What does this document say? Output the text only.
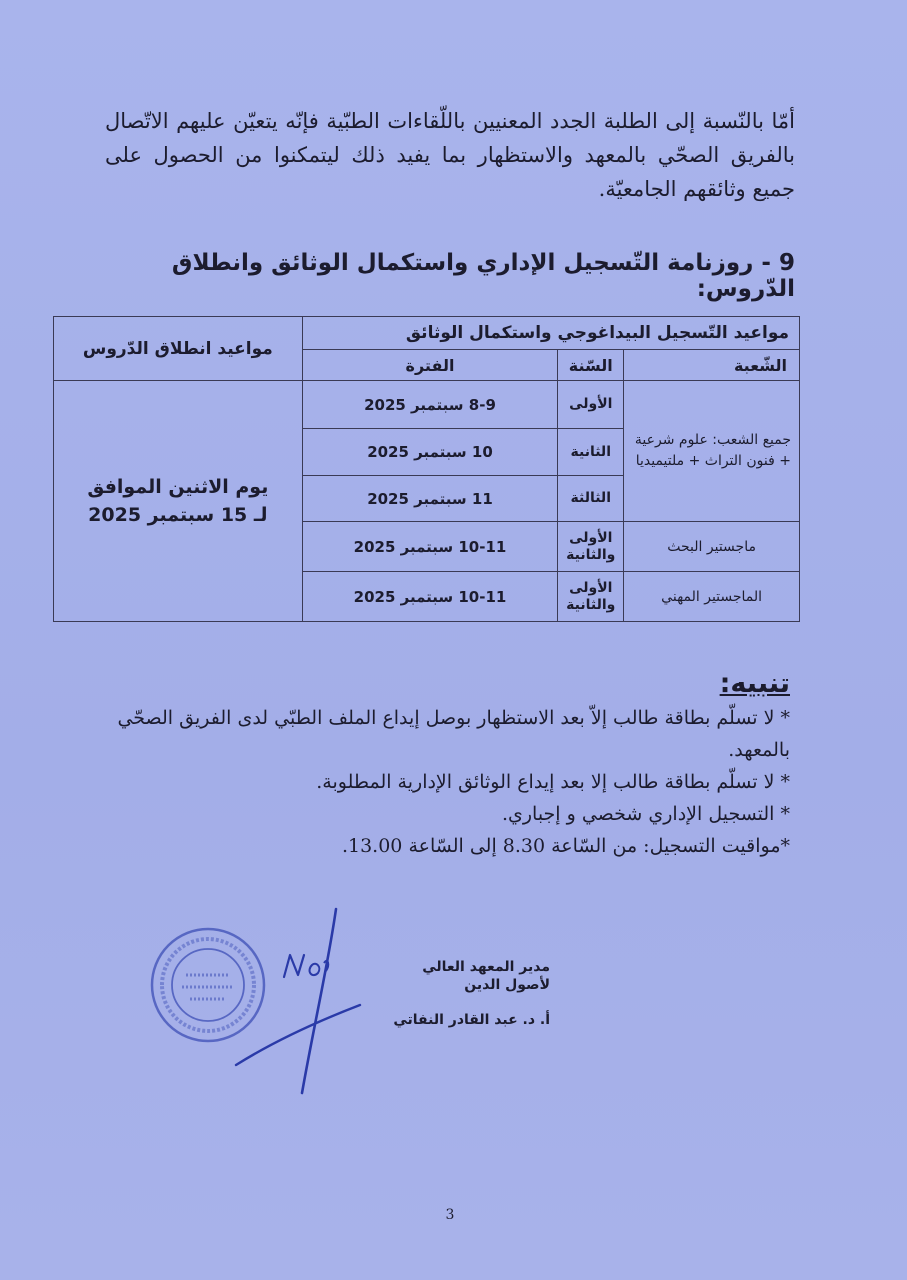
أمّا بالنّسبة إلى الطلبة الجدد المعنيين باللّقاءات الطبّية فإنّه يتعيّن عليهم الاتّصال بالفريق الصحّي بالمعهد والاستظهار بما يفيد ذلك ليتمكنوا من الحصول على جميع وثائقهم الجامعيّة.

9 - روزنامة التّسجيل الإداري واستكمال الوثائق وانطلاق الدّروس:
مواعيد التّسجيل البيداغوجي واستكمال الوثائق			مواعيد انطلاق الدّروس
الشّعبة	السّنة	الفترة	
جميع الشعب: علوم شرعية + فنون التراث + ملتيميديا	الأولى	8-9 سبتمبر 2025	يوم الاثنين الموافق
لـ 15 سبتمبر 2025

	الثانية	10 سبتمبر 2025	
	الثالثة	11 سبتمبر 2025	
ماجستير البحث	الأولى والثانية	10-11 سبتمبر 2025	
الماجستير المهني	الأولى والثانية	10-11 سبتمبر 2025	
تنبيه:
* لا تسلّم بطاقة طالب إلاّ بعد الاستظهار بوصل إيداع الملف الطبّي لدى الفريق الصحّي بالمعهد.
* لا تسلّم بطاقة طالب إلا بعد إيداع الوثائق الإدارية المطلوبة.
* التسجيل الإداري شخصي و إجباري.
*مواقيت التسجيل: من السّاعة 8.30 إلى السّاعة 13.00.

مدير المعهد العالي

لأصول الدين

أ. د. عبد القادر النفاتي

3
